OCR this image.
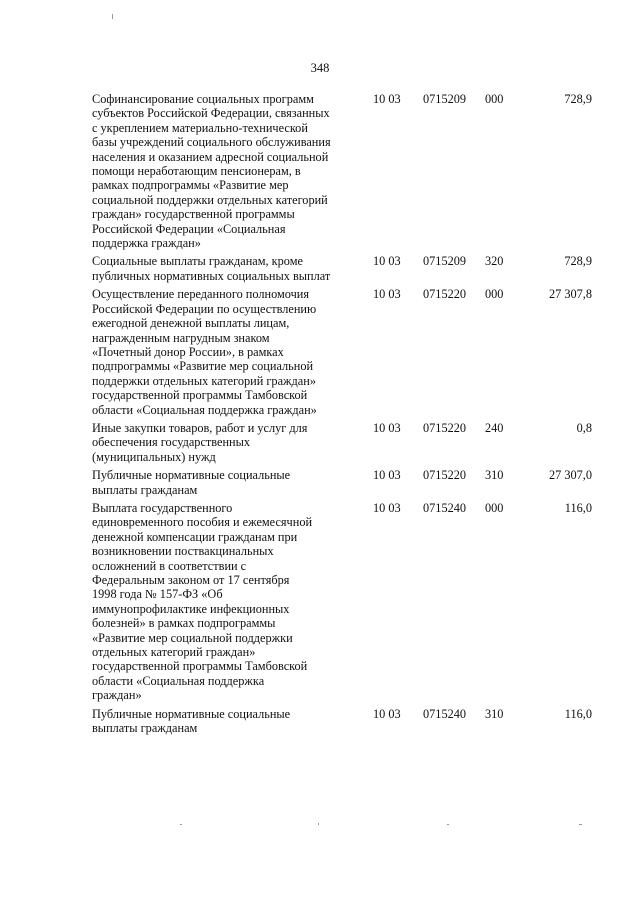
348
Софинансирование социальных программ
субъектов Российской Федерации, связанных
с укреплением материально-технической
базы учреждений социального обслуживания
населения и оказанием адресной социальной
помощи неработающим пенсионерам, в
рамках подпрограммы «Развитие мер
социальной поддержки отдельных категорий
граждан» государственной программы
Российской Федерации «Социальная
поддержка граждан»
10 03 0715209 000	728,9
Социальные выплаты гражданам, кроме
публичных нормативных социальных выплат
10 03 0715209 320	728,9
Осуществление переданного полномочия
Российской Федерации по осуществлению
ежегодной денежной выплаты лицам,
награжденным нагрудным знаком
«Почетный донор России», в рамках
подпрограммы «Развитие мер социальной
поддержки отдельных категорий граждан»
государственной программы Тамбовской
области «Социальная поддержка граждан»
10 03 0715220 000	27 307,8
Иные закупки товаров, работ и услуг для
обеспечения государственных
(муниципальных) нужд
10 03 0715220 240	0,8
Публичные нормативные социальные
выплаты гражданам
10 03 0715220 310	27 307,0
Выплата государственного
единовременного пособия и ежемесячной
денежной компенсации гражданам при
возникновении поствакцинальных
осложнений в соответствии с
Федеральным законом от 17 сентября
1998 года № 157-ФЗ «Об
иммунопрофилактике инфекционных
болезней» в рамках подпрограммы
«Развитие мер социальной поддержки
отдельных категорий граждан»
государственной программы Тамбовской
области «Социальная поддержка
граждан»
10 03 0715240 000	116,0
Публичные нормативные социальные
выплаты гражданам
10 03 0715240 310	116,0
